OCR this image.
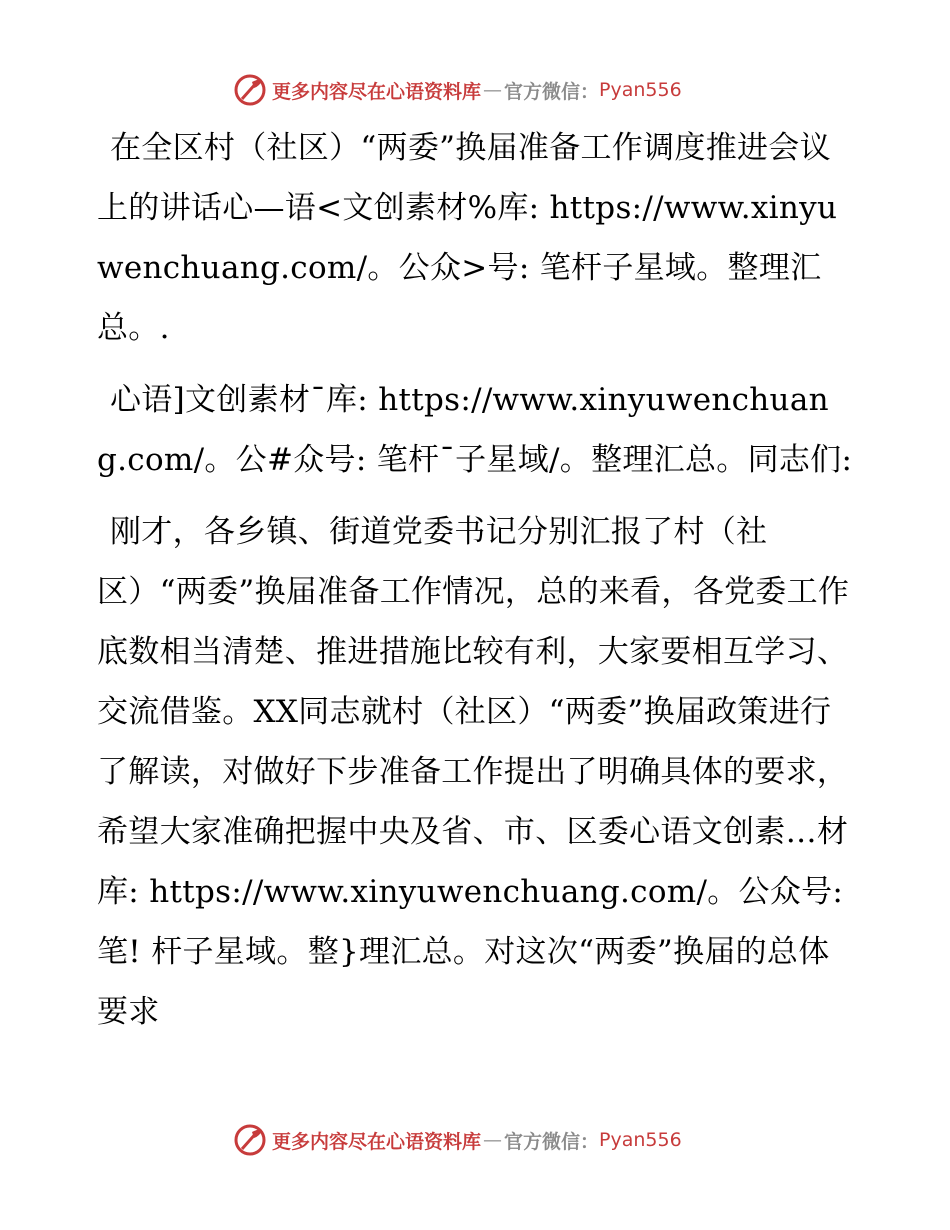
更多内容尽在心语资料库 — 官方微信： Pyan556

在全区村（社区）“两委”换届准备工作调度推进会议上的讲话心—语<文创素材%库: https://www.xinyuwenchuang.com/。公众>号: 笔杆子星域。整理汇总。.

心语]文创素材¯库: https://www.xinyuwenchuang.com/。公#众号: 笔杆¯子星域/。整理汇总。同志们:

刚才，各乡镇、街道党委书记分别汇报了村（社区）“两委”换届准备工作情况，总的来看，各党委工作底数相当清楚、推进措施比较有利，大家要相互学习、交流借鉴。XX同志就村（社区）“两委”换届政策进行了解读，对做好下步准备工作提出了明确具体的要求，希望大家准确把握中央及省、市、区委心语文创素…材库: https://www.xinyuwenchuang.com/。公众号: 笔! 杆子星域。整}理汇总。对这次“两委”换届的总体要求

更多内容尽在心语资料库 — 官方微信： Pyan556
